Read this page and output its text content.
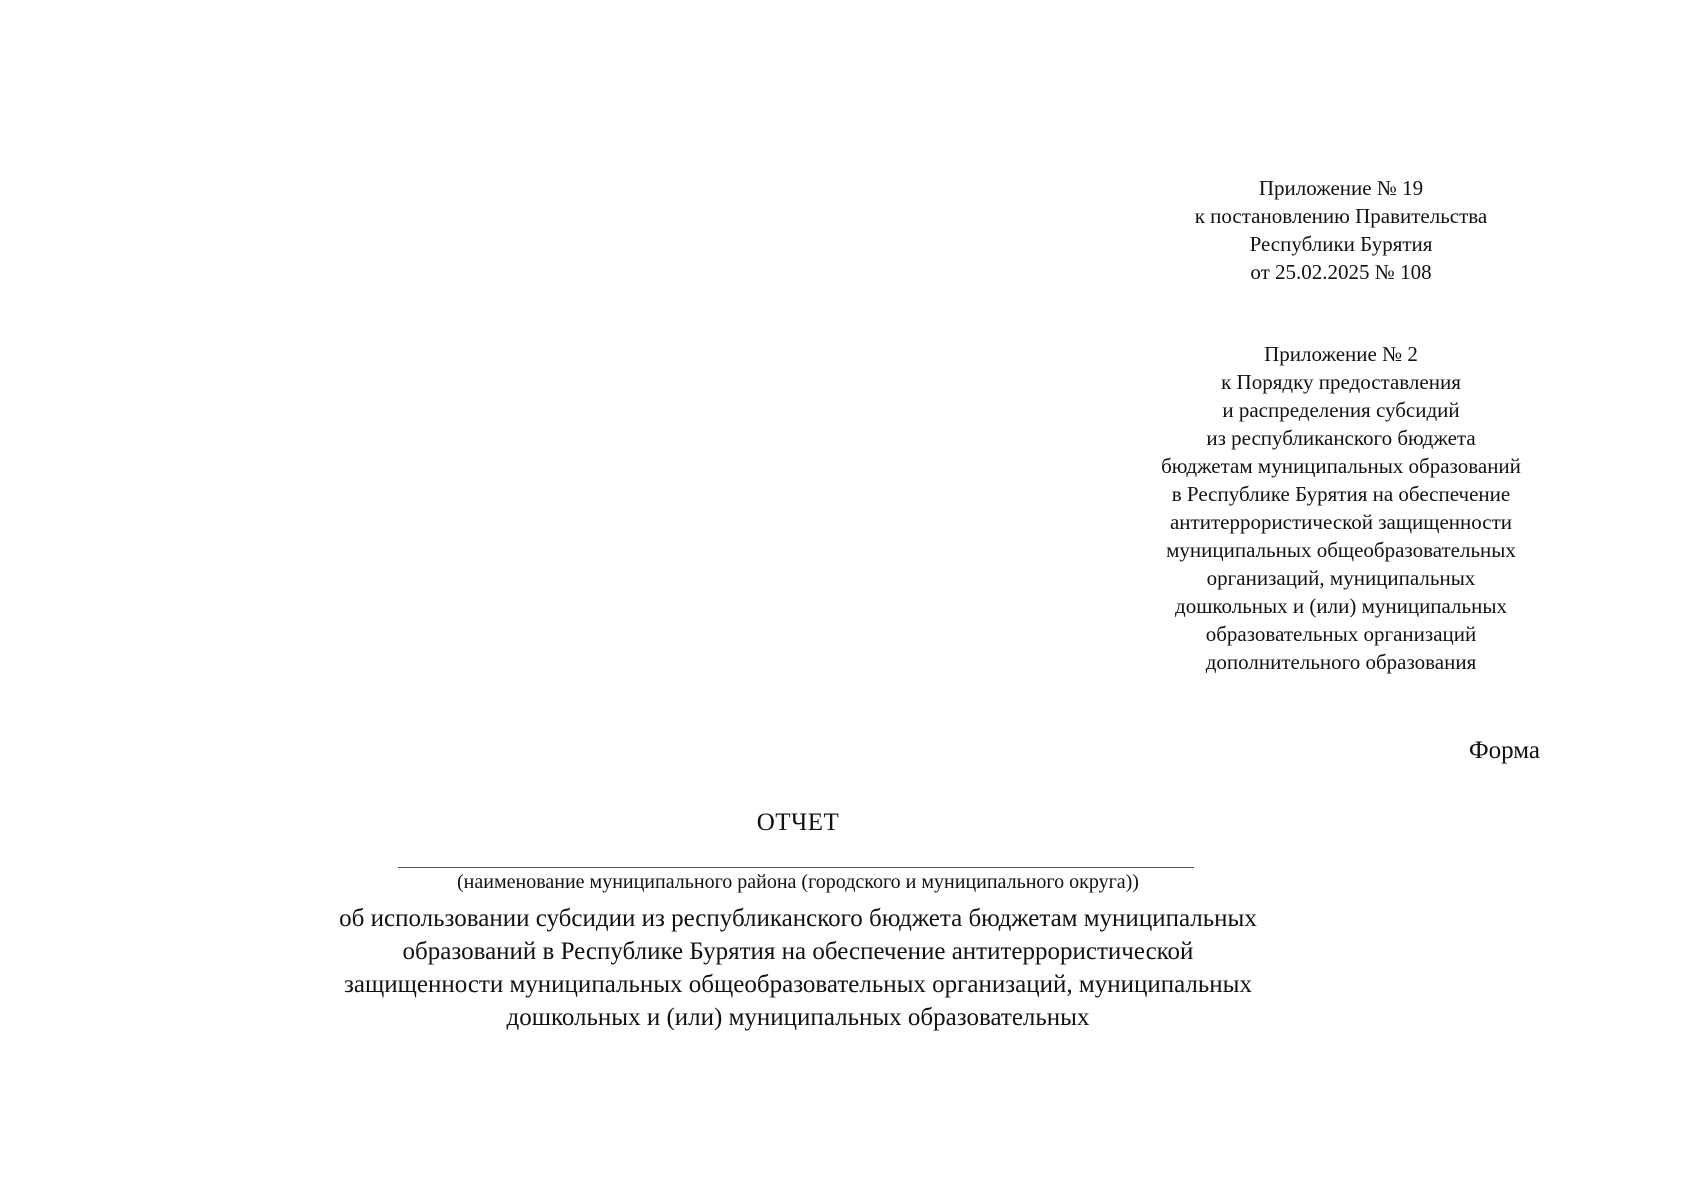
Приложение № 19
к постановлению Правительства
Республики Бурятия
от 25.02.2025 № 108
Приложение № 2
к Порядку предоставления
и распределения субсидий
из республиканского бюджета
бюджетам муниципальных образований
в Республике Бурятия на обеспечение
антитеррористической защищенности
муниципальных общеобразовательных
организаций, муниципальных
дошкольных и (или) муниципальных
образовательных организаций
дополнительного образования
Форма
ОТЧЕТ
(наименование муниципального района (городского и муниципального округа))
об использовании субсидии из республиканского бюджета бюджетам муниципальных
образований в Республике Бурятия на обеспечение антитеррористической
защищенности муниципальных общеобразовательных организаций, муниципальных
дошкольных и (или) муниципальных образовательных
